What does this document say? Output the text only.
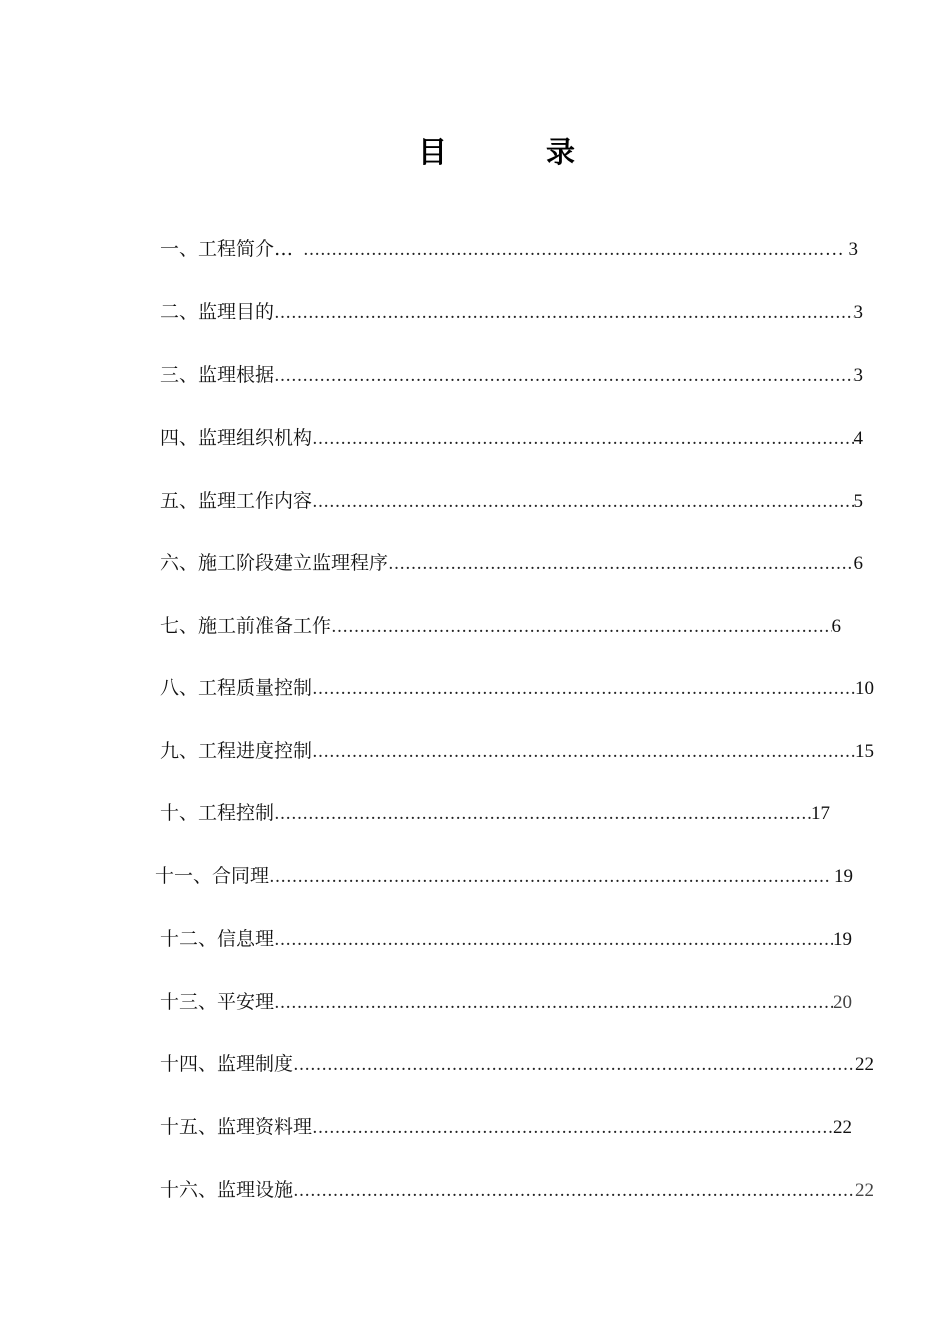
目	录
一、工程简介… ……………………………………………………………………………………………………………………………………………………………………………………………………………………………………	… 3
二、监理目的 ……………………………………………………………………………………………………………………………………………………………………………………………………………………………………	3
三、监理根据 ……………………………………………………………………………………………………………………………………………………………………………………………………………………………………	3
四、监理组织机构 ……………………………………………………………………………………………………………………………………………………………………………………………………………………………………	4
五、监理工作内容 ……………………………………………………………………………………………………………………………………………………………………………………………………………………………………	5
六、施工阶段建立监理程序 ……………………………………………………………………………………………………………………………………………………………………………………………………………………………………	6
七、施工前准备工作 ……………………………………………………………………………………………………………………………………………………………………………………………………………………………………	6
八、工程质量控制 ……………………………………………………………………………………………………………………………………………………………………………………………………………………………………	10
九、工程进度控制 ……………………………………………………………………………………………………………………………………………………………………………………………………………………………………	15
十、工程控制 ……………………………………………………………………………………………………………………………………………………………………………………………………………………………………	17
十一、合同理 ……………………………………………………………………………………………………………………………………………………………………………………………………………………………………	19
十二、信息理 ……………………………………………………………………………………………………………………………………………………………………………………………………………………………………	19
十三、平安理 ……………………………………………………………………………………………………………………………………………………………………………………………………………………………………	20
十四、监理制度 ……………………………………………………………………………………………………………………………………………………………………………………………………………………………………	22
十五、监理资料理 ……………………………………………………………………………………………………………………………………………………………………………………………………………………………………	22
十六、监理设施 ……………………………………………………………………………………………………………………………………………………………………………………………………………………………………	22
